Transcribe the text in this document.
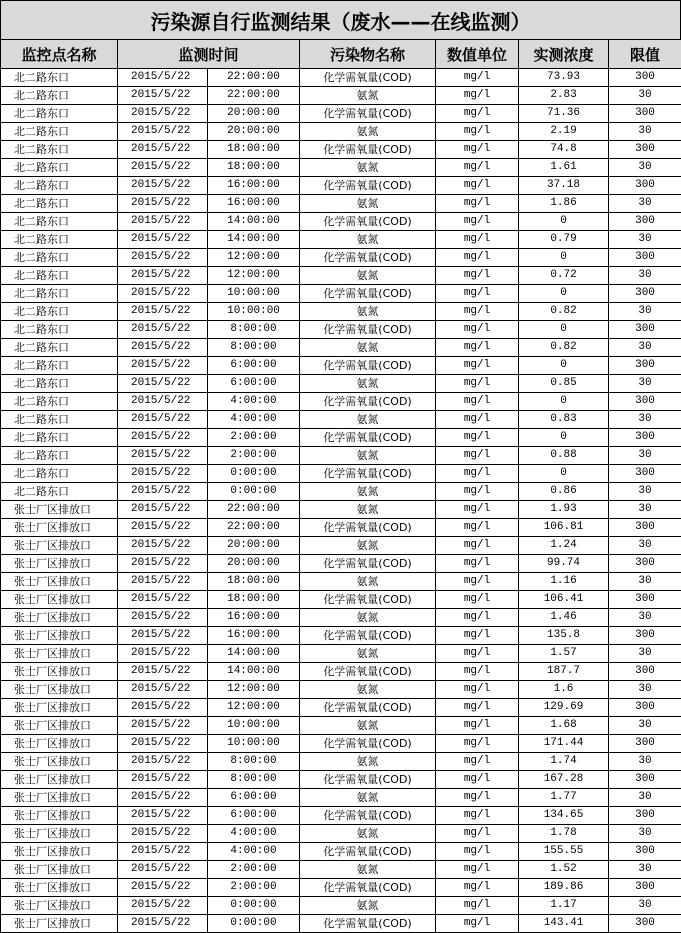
污染源自行监测结果（废水——在线监测）
监控点名称	监测时间		污染物名称	数值单位	实测浓度	限值
北二路东口	2015/5/22	22:00:00	化学需氧量(COD)	mg/l	73.93	300
北二路东口	2015/5/22	22:00:00	氨氮	mg/l	2.83	30
北二路东口	2015/5/22	20:00:00	化学需氧量(COD)	mg/l	71.36	300
北二路东口	2015/5/22	20:00:00	氨氮	mg/l	2.19	30
北二路东口	2015/5/22	18:00:00	化学需氧量(COD)	mg/l	74.8	300
北二路东口	2015/5/22	18:00:00	氨氮	mg/l	1.61	30
北二路东口	2015/5/22	16:00:00	化学需氧量(COD)	mg/l	37.18	300
北二路东口	2015/5/22	16:00:00	氨氮	mg/l	1.86	30
北二路东口	2015/5/22	14:00:00	化学需氧量(COD)	mg/l	0	300
北二路东口	2015/5/22	14:00:00	氨氮	mg/l	0.79	30
北二路东口	2015/5/22	12:00:00	化学需氧量(COD)	mg/l	0	300
北二路东口	2015/5/22	12:00:00	氨氮	mg/l	0.72	30
北二路东口	2015/5/22	10:00:00	化学需氧量(COD)	mg/l	0	300
北二路东口	2015/5/22	10:00:00	氨氮	mg/l	0.82	30
北二路东口	2015/5/22	8:00:00	化学需氧量(COD)	mg/l	0	300
北二路东口	2015/5/22	8:00:00	氨氮	mg/l	0.82	30
北二路东口	2015/5/22	6:00:00	化学需氧量(COD)	mg/l	0	300
北二路东口	2015/5/22	6:00:00	氨氮	mg/l	0.85	30
北二路东口	2015/5/22	4:00:00	化学需氧量(COD)	mg/l	0	300
北二路东口	2015/5/22	4:00:00	氨氮	mg/l	0.83	30
北二路东口	2015/5/22	2:00:00	化学需氧量(COD)	mg/l	0	300
北二路东口	2015/5/22	2:00:00	氨氮	mg/l	0.88	30
北二路东口	2015/5/22	0:00:00	化学需氧量(COD)	mg/l	0	300
北二路东口	2015/5/22	0:00:00	氨氮	mg/l	0.86	30
张士厂区排放口	2015/5/22	22:00:00	氨氮	mg/l	1.93	30
张士厂区排放口	2015/5/22	22:00:00	化学需氧量(COD)	mg/l	106.81	300
张士厂区排放口	2015/5/22	20:00:00	氨氮	mg/l	1.24	30
张士厂区排放口	2015/5/22	20:00:00	化学需氧量(COD)	mg/l	99.74	300
张士厂区排放口	2015/5/22	18:00:00	氨氮	mg/l	1.16	30
张士厂区排放口	2015/5/22	18:00:00	化学需氧量(COD)	mg/l	106.41	300
张士厂区排放口	2015/5/22	16:00:00	氨氮	mg/l	1.46	30
张士厂区排放口	2015/5/22	16:00:00	化学需氧量(COD)	mg/l	135.8	300
张士厂区排放口	2015/5/22	14:00:00	氨氮	mg/l	1.57	30
张士厂区排放口	2015/5/22	14:00:00	化学需氧量(COD)	mg/l	187.7	300
张士厂区排放口	2015/5/22	12:00:00	氨氮	mg/l	1.6	30
张士厂区排放口	2015/5/22	12:00:00	化学需氧量(COD)	mg/l	129.69	300
张士厂区排放口	2015/5/22	10:00:00	氨氮	mg/l	1.68	30
张士厂区排放口	2015/5/22	10:00:00	化学需氧量(COD)	mg/l	171.44	300
张士厂区排放口	2015/5/22	8:00:00	氨氮	mg/l	1.74	30
张士厂区排放口	2015/5/22	8:00:00	化学需氧量(COD)	mg/l	167.28	300
张士厂区排放口	2015/5/22	6:00:00	氨氮	mg/l	1.77	30
张士厂区排放口	2015/5/22	6:00:00	化学需氧量(COD)	mg/l	134.65	300
张士厂区排放口	2015/5/22	4:00:00	氨氮	mg/l	1.78	30
张士厂区排放口	2015/5/22	4:00:00	化学需氧量(COD)	mg/l	155.55	300
张士厂区排放口	2015/5/22	2:00:00	氨氮	mg/l	1.52	30
张士厂区排放口	2015/5/22	2:00:00	化学需氧量(COD)	mg/l	189.86	300
张士厂区排放口	2015/5/22	0:00:00	氨氮	mg/l	1.17	30
张士厂区排放口	2015/5/22	0:00:00	化学需氧量(COD)	mg/l	143.41	300
